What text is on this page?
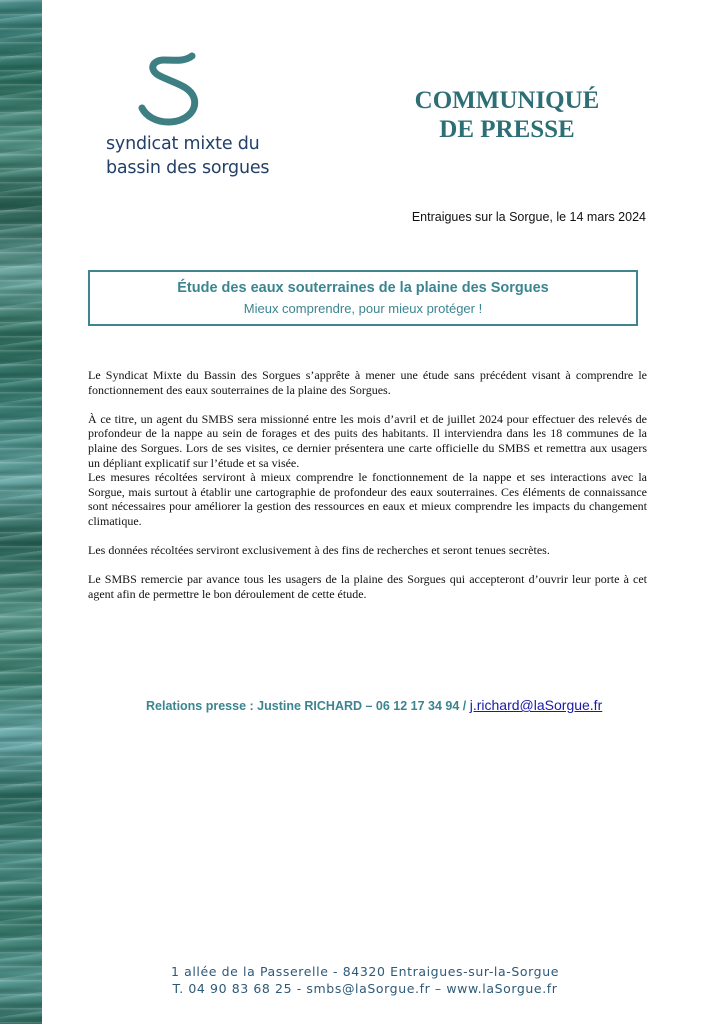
syndicat mixte du
bassin des sorgues
COMMUNIQUÉ
DE PRESSE
Entraigues sur la Sorgue, le 14 mars 2024
Étude des eaux souterraines de la plaine des Sorgues
Mieux comprendre, pour mieux protéger !

Le Syndicat Mixte du Bassin des Sorgues s’apprête à mener une étude sans précédent visant à comprendre le fonctionnement des eaux souterraines de la plaine des Sorgues.

À ce titre, un agent du SMBS sera missionné entre les mois d’avril et de juillet 2024 pour effectuer des relevés de profondeur de la nappe au sein de forages et des puits des habitants. Il interviendra dans les 18 communes de la plaine des Sorgues. Lors de ses visites, ce dernier présentera une carte officielle du SMBS et remettra aux usagers un dépliant explicatif sur l’étude et sa visée.

Les mesures récoltées serviront à mieux comprendre le fonctionnement de la nappe et ses interactions avec la Sorgue, mais surtout à établir une cartographie de profondeur des eaux souterraines. Ces éléments de connaissance sont nécessaires pour améliorer la gestion des ressources en eaux et mieux comprendre les impacts du changement climatique.

Les données récoltées serviront exclusivement à des fins de recherches et seront tenues secrètes.

Le SMBS remercie par avance tous les usagers de la plaine des Sorgues qui accepteront d’ouvrir leur porte à cet agent afin de permettre le bon déroulement de cette étude.

Relations presse : Justine RICHARD – 06 12 17 34 94 / j.richard@laSorgue.fr
1 allée de la Passerelle - 84320 Entraigues-sur-la-Sorgue
T. 04 90 83 68 25 - smbs@laSorgue.fr – www.laSorgue.fr
